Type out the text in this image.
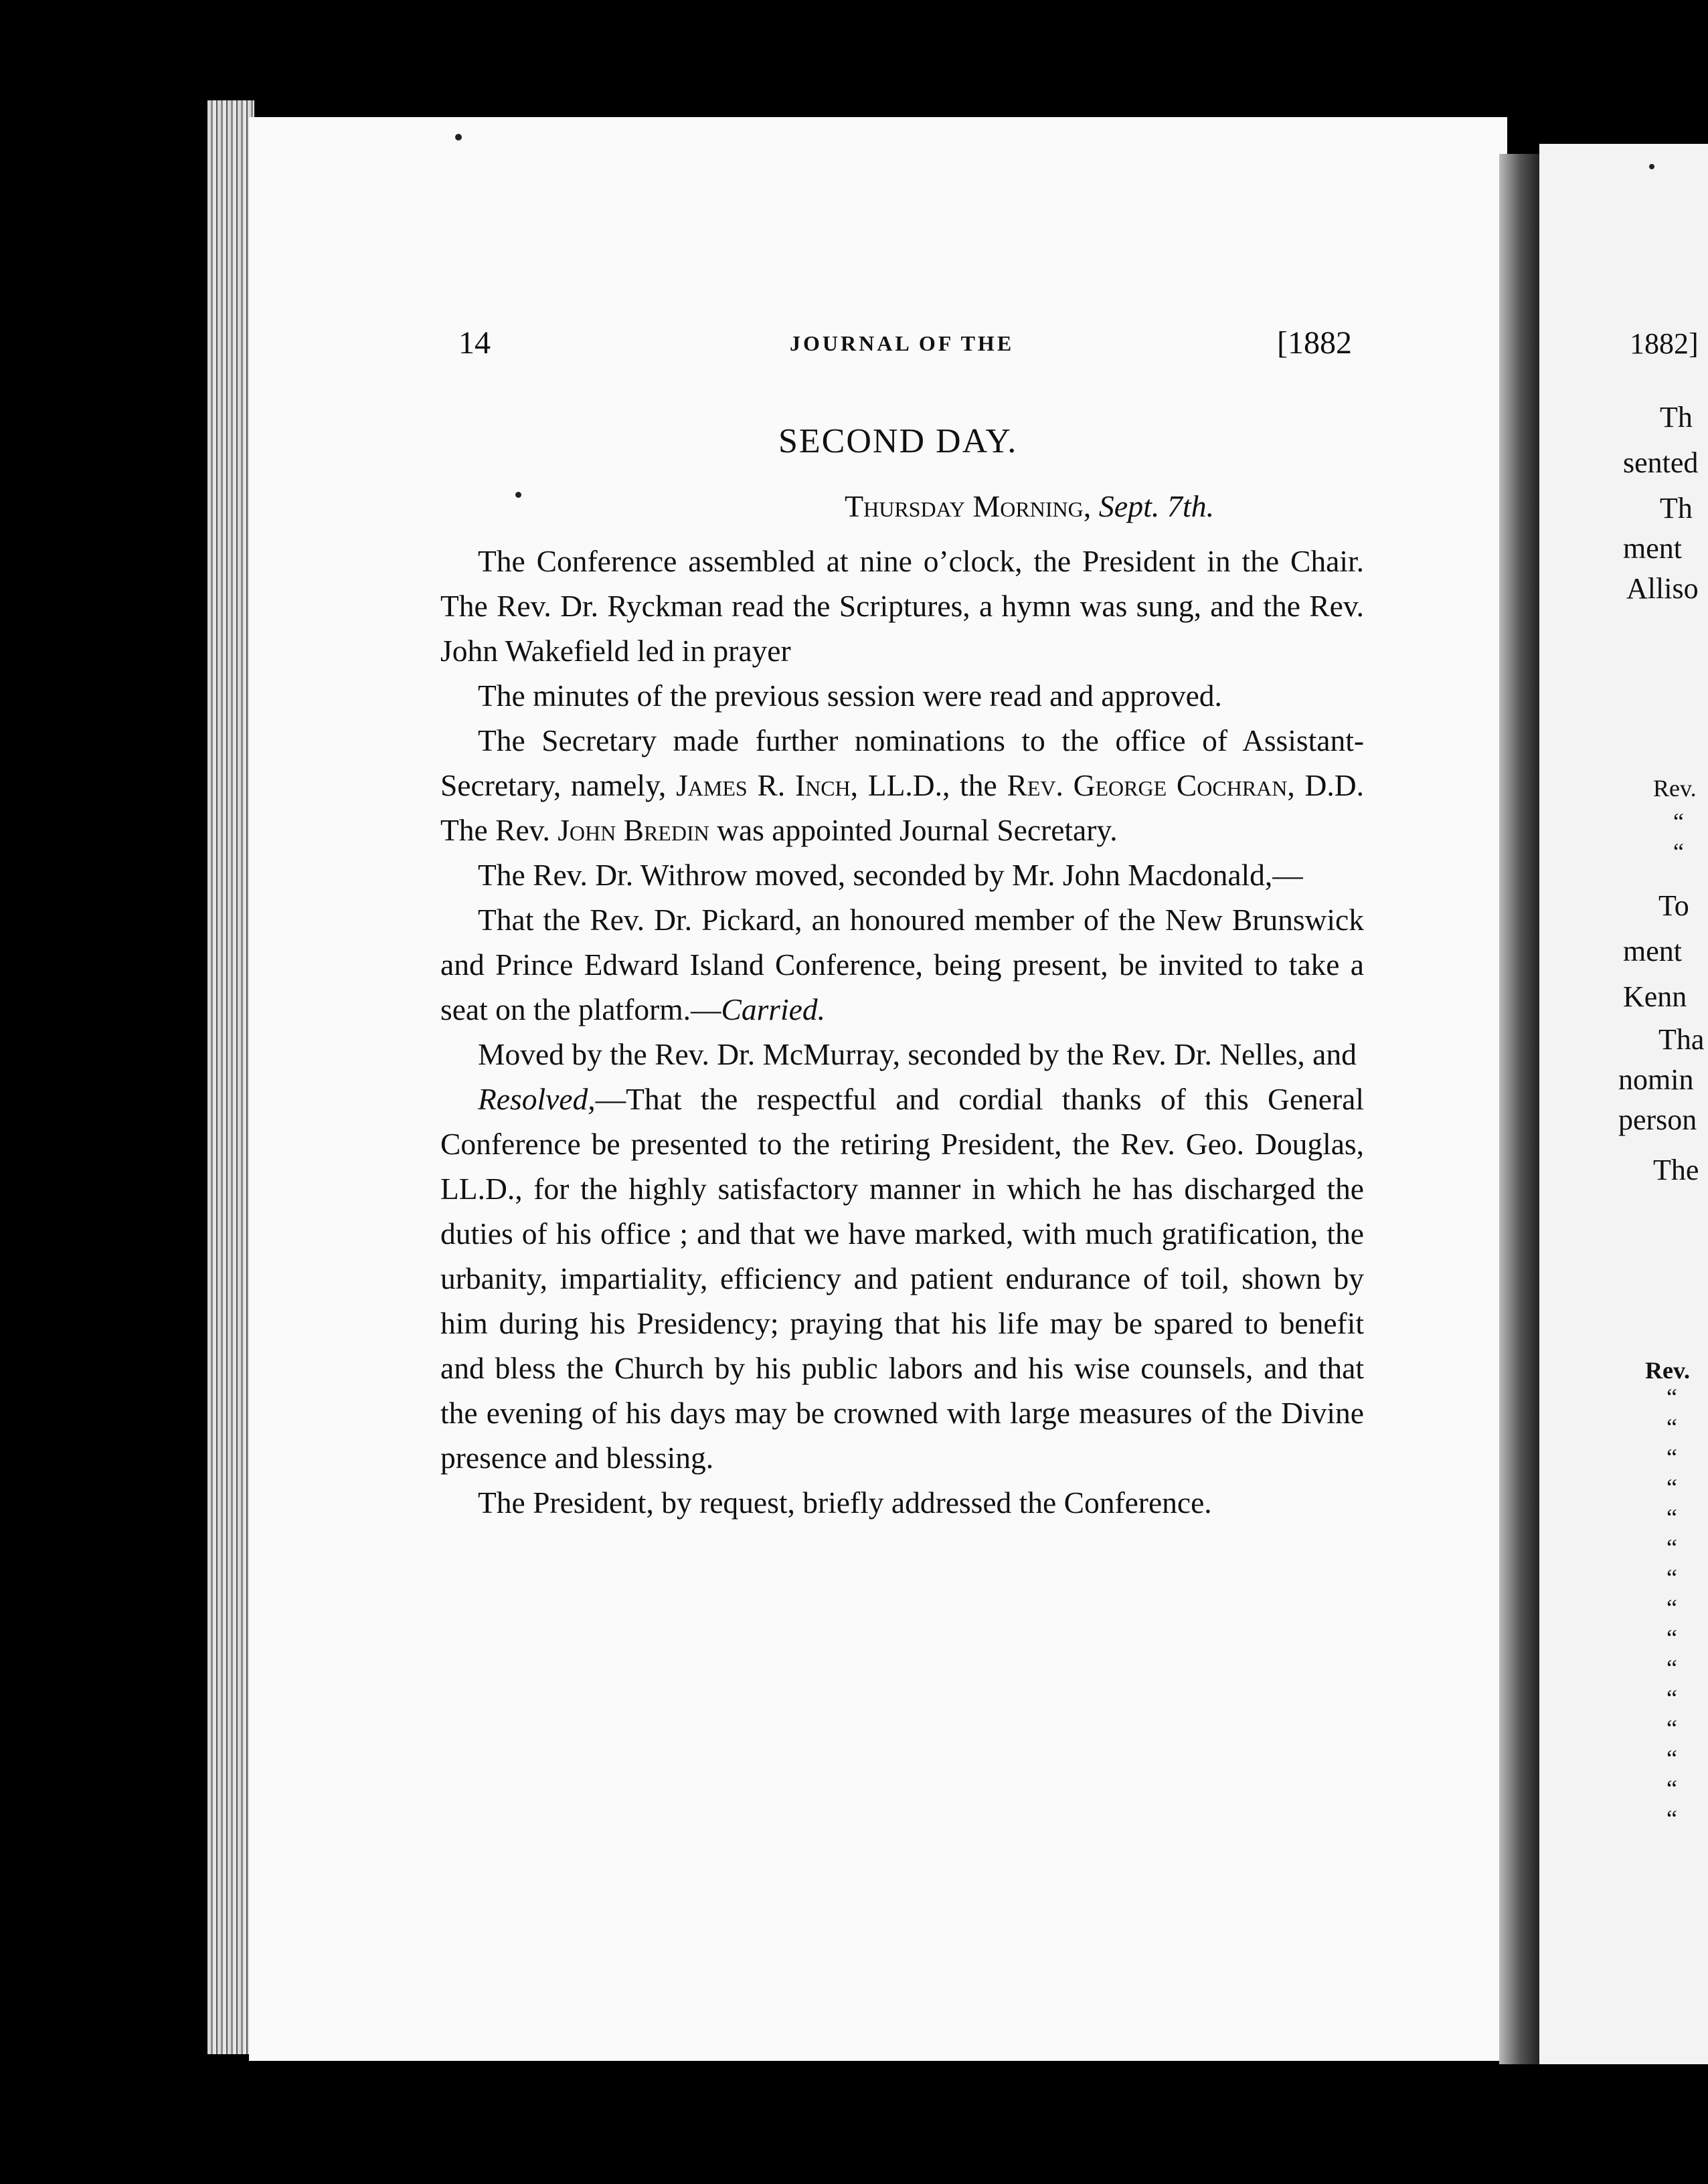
14	JOURNAL OF THE	[1882
SECOND DAY.
Thursday Morning, Sept. 7th.

The Conference assembled at nine o’clock, the President in the Chair. The Rev. Dr. Ryckman read the Scriptures, a hymn was sung, and the Rev. John Wakefield led in prayer

The minutes of the previous session were read and approved.

The Secretary made further nominations to the office of Assistant-Secretary, namely, James R. Inch, LL.D., the Rev. George Cochran, D.D. The Rev. John Bredin was appointed Journal Secretary.

The Rev. Dr. Withrow moved, seconded by Mr. John Macdonald,—

That the Rev. Dr. Pickard, an honoured member of the New Brunswick and Prince Edward Island Conference, being present, be invited to take a seat on the platform.—Carried.

Moved by the Rev. Dr. McMurray, seconded by the Rev. Dr. Nelles, and

Resolved,—That the respectful and cordial thanks of this General Conference be presented to the retiring President, the Rev. Geo. Douglas, LL.D., for the highly satisfactory manner in which he has discharged the duties of his office ; and that we have marked, with much gratification, the urbanity, impartiality, efficiency and patient endurance of toil, shown by him during his Presidency; praying that his life may be spared to benefit and bless the Church by his public labors and his wise counsels, and that the evening of his days may be crowned with large measures of the Divine presence and blessing.

The President, by request, briefly addressed the Conference.

1882]
Th
sented
Th
ment
Alliso
Rev.
“
“
To
ment
Kenn
Tha
nomin
person
The
Rev.
“
“
“
“
“
“
“
“
“
“
“
“
“
“
“
